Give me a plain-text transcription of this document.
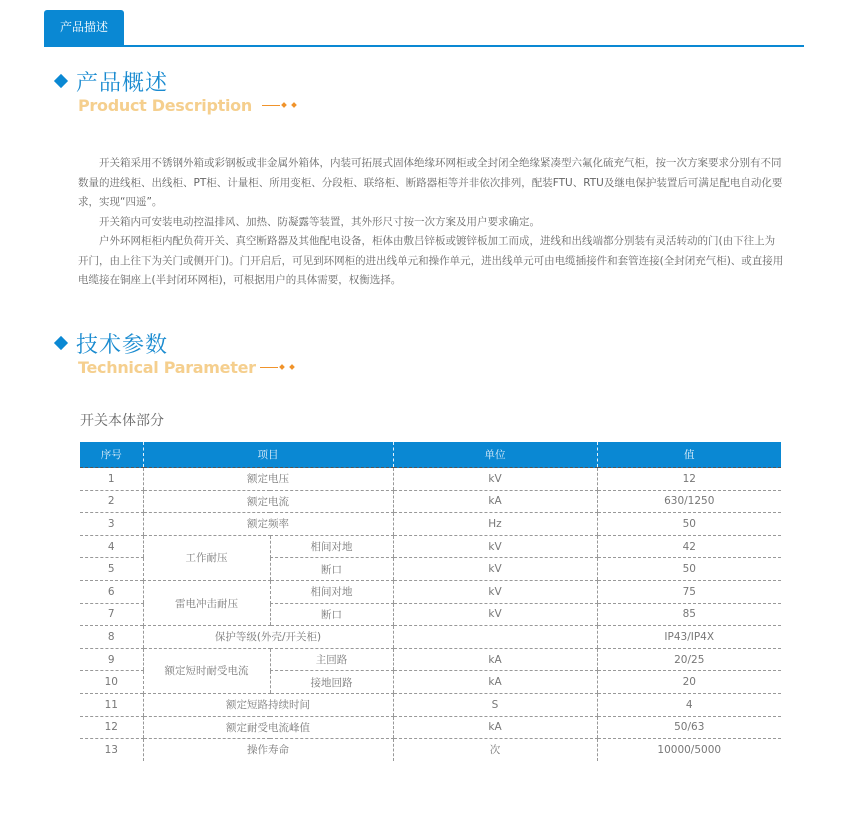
产品描述
产品概述
Product Description

开关箱采用不锈钢外箱或彩钢板或非金属外箱体，内装可拓展式固体绝缘环网柜或全封闭全绝缘紧凑型六氟化硫充气柜，按一次方案要求分别有不同数量的进线柜、出线柜、PT柜、计量柜、所用变柜、分段柜、联络柜、断路器柜等并非依次排列，配装FTU、RTU及继电保护装置后可满足配电自动化要求，实现“四遥”。

开关箱内可安装电动控温排风、加热、防凝露等装置，其外形尺寸按一次方案及用户要求确定。

户外环网柜柜内配负荷开关、真空断路器及其他配电设备，柜体由敷吕锌板或镀锌板加工而成，进线和出线端都分别装有灵活转动的门(由下往上为开门，由上往下为关门或侧开门)。门开启后，可见到环网柜的进出线单元和操作单元，进出线单元可由电缆插接件和套管连接(全封闭充气柜)、或直接用电缆接在铜座上(半封闭环网柜)，可根据用户的具体需要，权衡选择。

技术参数
Technical Parameter
开关本体部分
序号	项目		单位	值
1	额定电压		kV	12
2	额定电流		kA	630/1250
3	额定频率		Hz	50
4	工作耐压	相间对地	kV	42
5		断口	kV	50
6	雷电冲击耐压	相间对地	kV	75
7		断口	kV	85
8	保护等级(外壳/开关柜)			IP43/IP4X
9	额定短时耐受电流	主回路	kA	20/25
10		接地回路	kA	20
11	额定短路持续时间		S	4
12	额定耐受电流峰值		kA	50/63
13	操作寿命		次	10000/5000
